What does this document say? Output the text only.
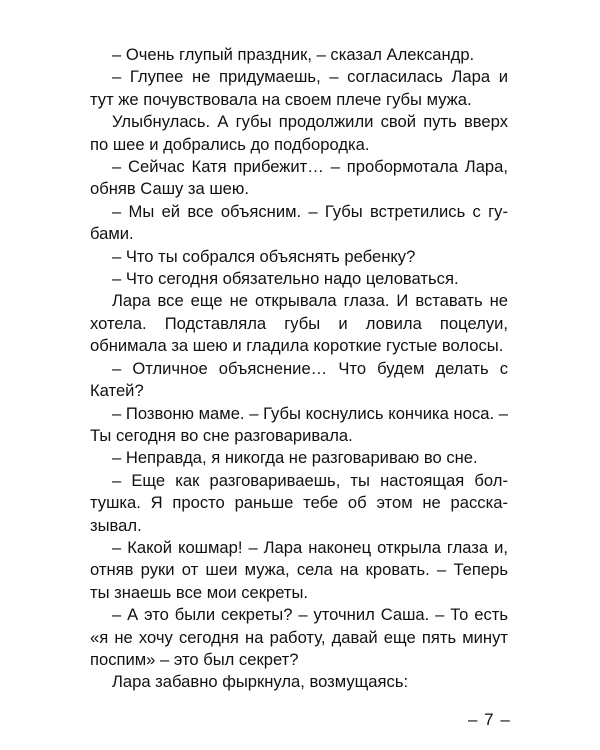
– Очень глупый праздник, – сказал Александр.

– Глупее не придумаешь, – согласилась Лара и тут же почувствовала на своем плече губы мужа.

Улыбнулась. А губы продолжили свой путь вверх по шее и добрались до подбородка.

– Сейчас Катя прибежит… – пробормотала Лара, обняв Сашу за шею.

– Мы ей все объясним. – Губы встретились с губами.

– Что ты собрался объяснять ребенку?

– Что сегодня обязательно надо целоваться.

Лара все еще не открывала глаза. И вставать не хотела. Подставляла губы и ловила поцелуи, обнимала за шею и гладила короткие густые волосы.

– Отличное объяснение… Что будем делать с Катей?

– Позвоню маме. – Губы коснулись кончика носа. – Ты сегодня во сне разговаривала.

– Неправда, я никогда не разговариваю во сне.

– Еще как разговариваешь, ты настоящая болтушка. Я просто раньше тебе об этом не рассказывал.

– Какой кошмар! – Лара наконец открыла глаза и, отняв руки от шеи мужа, села на кровать. – Теперь ты знаешь все мои секреты.

– А это были секреты? – уточнил Саша. – То есть «я не хочу сегодня на работу, давай еще пять минут поспим» – это был секрет?

Лара забавно фыркнула, возмущаясь:

– 7 –
